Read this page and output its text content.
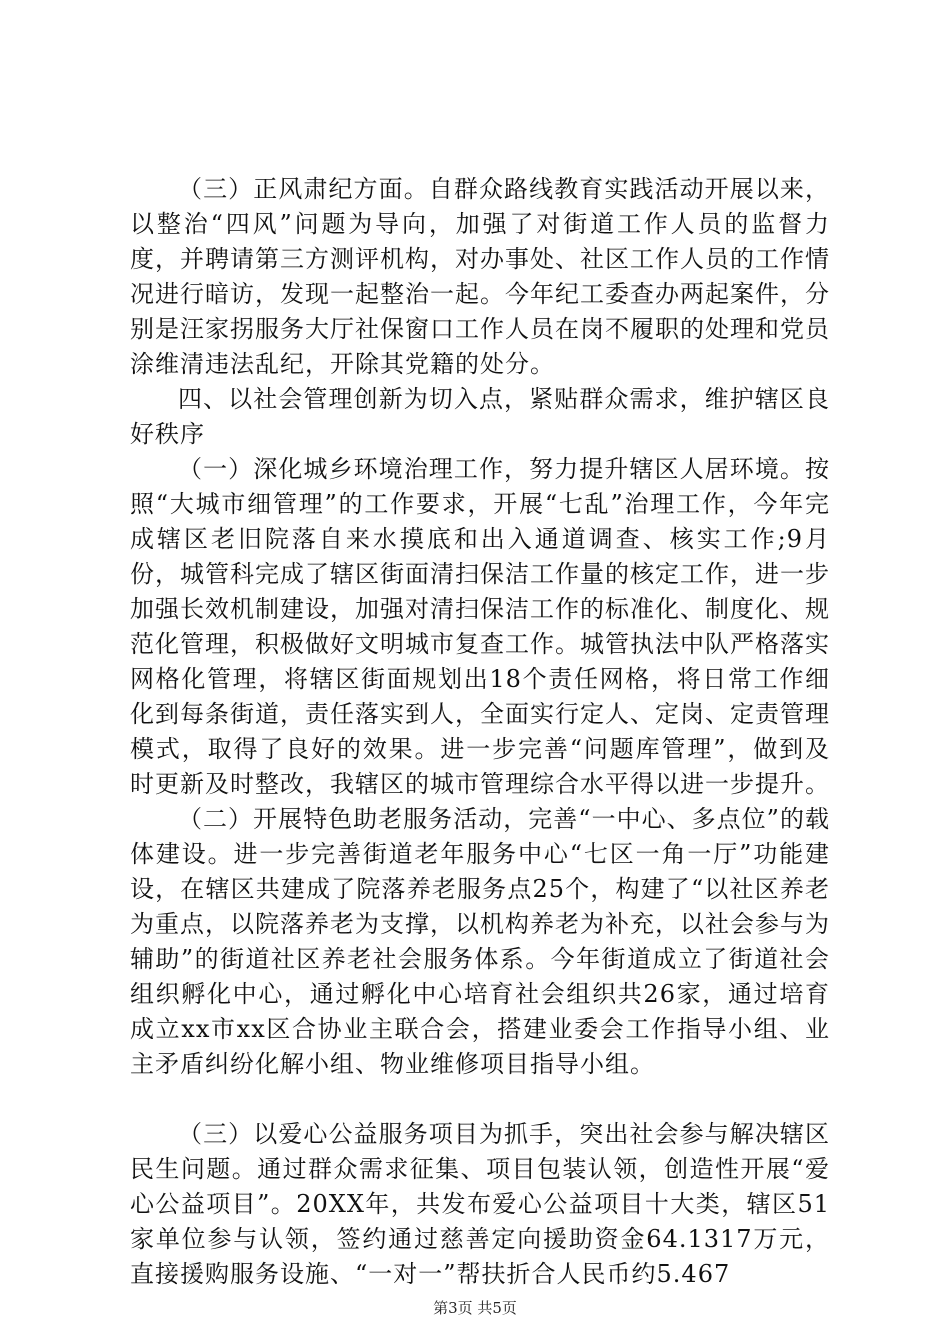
（三）正风肃纪方面。自群众路线教育实践活动开展以来，以整治“四风”问题为导向，加强了对街道工作人员的监督力度，并聘请第三方测评机构，对办事处、社区工作人员的工作情况进行暗访，发现一起整治一起。今年纪工委查办两起案件，分别是汪家拐服务大厅社保窗口工作人员在岗不履职的处理和党员涂维清违法乱纪，开除其党籍的处分。

四、以社会管理创新为切入点，紧贴群众需求，维护辖区良好秩序

（一）深化城乡环境治理工作，努力提升辖区人居环境。按照“大城市细管理”的工作要求，开展“七乱”治理工作，今年完成辖区老旧院落自来水摸底和出入通道调查、核实工作;9月份，城管科完成了辖区街面清扫保洁工作量的核定工作，进一步加强长效机制建设，加强对清扫保洁工作的标准化、制度化、规范化管理，积极做好文明城市复查工作。城管执法中队严格落实网格化管理，将辖区街面规划出18个责任网格，将日常工作细化到每条街道，责任落实到人，全面实行定人、定岗、定责管理模式，取得了良好的效果。进一步完善“问题库管理”，做到及时更新及时整改，我辖区的城市管理综合水平得以进一步提升。

（二）开展特色助老服务活动，完善“一中心、多点位”的载体建设。进一步完善街道老年服务中心“七区一角一厅”功能建设，在辖区共建成了院落养老服务点25个，构建了“以社区养老为重点，以院落养老为支撑，以机构养老为补充，以社会参与为辅助”的街道社区养老社会服务体系。今年街道成立了街道社会组织孵化中心，通过孵化中心培育社会组织共26家，通过培育成立xx市xx区合协业主联合会，搭建业委会工作指导小组、业主矛盾纠纷化解小组、物业维修项目指导小组。

（三）以爱心公益服务项目为抓手，突出社会参与解决辖区民生问题。通过群众需求征集、项目包装认领，创造性开展“爱心公益项目”。20XX年，共发布爱心公益项目十大类，辖区51家单位参与认领，签约通过慈善定向援助资金64.1317万元，直接援购服务设施、“一对一”帮扶折合人民币约5.467

第3页 共5页
